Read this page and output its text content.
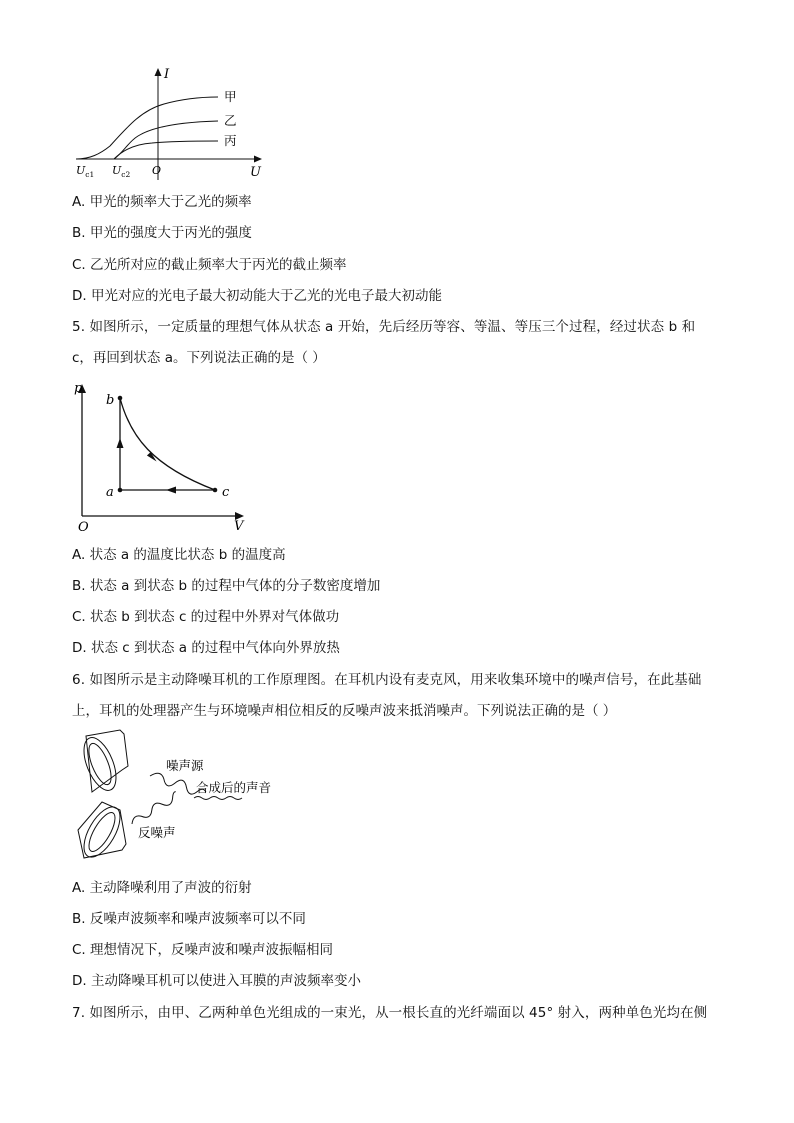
I
U
O
$U_{c1}$ $U_{c2}$
甲
乙
丙
A. 甲光的频率大于乙光的频率
B. 甲光的强度大于丙光的强度
C. 乙光所对应的截止频率大于丙光的截止频率
D. 甲光对应的光电子最大初动能大于乙光的光电子最大初动能
5. 如图所示，一定质量的理想气体从状态 a 开始，先后经历等容、等温、等压三个过程，经过状态 b 和
c，再回到状态 a。下列说法正确的是（ ）
p
V
O
b
a	c
A. 状态 a 的温度比状态 b 的温度高
B. 状态 a 到状态 b 的过程中气体的分子数密度增加
C. 状态 b 到状态 c 的过程中外界对气体做功
D. 状态 c 到状态 a 的过程中气体向外界放热
6. 如图所示是主动降噪耳机的工作原理图。在耳机内设有麦克风，用来收集环境中的噪声信号，在此基础
上，耳机的处理器产生与环境噪声相位相反的反噪声波来抵消噪声。下列说法正确的是（ ）
噪声源
合成后的声音
反噪声
A. 主动降噪利用了声波的衍射
B. 反噪声波频率和噪声波频率可以不同
C. 理想情况下，反噪声波和噪声波振幅相同
D. 主动降噪耳机可以使进入耳膜的声波频率变小
7. 如图所示，由甲、乙两种单色光组成的一束光，从一根长直的光纤端面以 45° 射入，两种单色光均在侧
